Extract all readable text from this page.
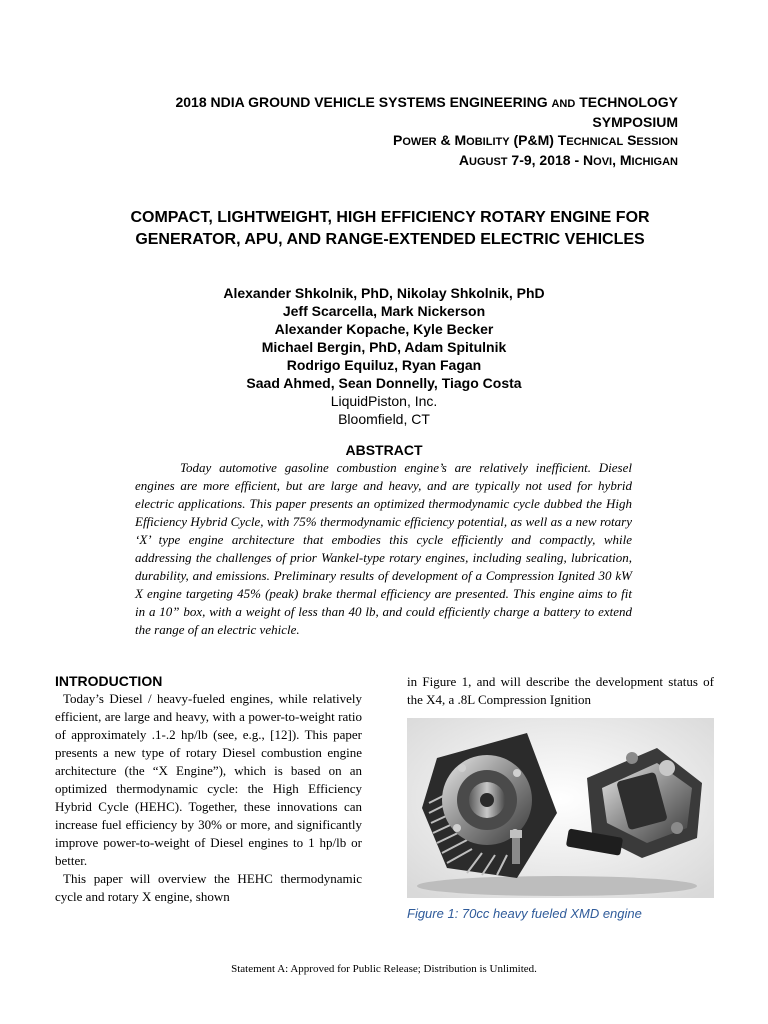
2018 NDIA GROUND VEHICLE SYSTEMS ENGINEERING AND TECHNOLOGY
SYMPOSIUM
POWER & MOBILITY (P&M) TECHNICAL SESSION
AUGUST 7-9, 2018 - NOVI, MICHIGAN
COMPACT, LIGHTWEIGHT, HIGH EFFICIENCY ROTARY ENGINE FOR
GENERATOR, APU, AND RANGE-EXTENDED ELECTRIC VEHICLES
Alexander Shkolnik, PhD, Nikolay Shkolnik, PhD
Jeff Scarcella, Mark Nickerson
Alexander Kopache, Kyle Becker
Michael Bergin, PhD, Adam Spitulnik
Rodrigo Equiluz, Ryan Fagan
Saad Ahmed, Sean Donnelly, Tiago Costa
LiquidPiston, Inc.
Bloomfield, CT
ABSTRACT
Today automotive gasoline combustion engine’s are relatively inefficient. Diesel engines are more efficient, but are large and heavy, and are typically not used for hybrid electric applications. This paper presents an optimized thermodynamic cycle dubbed the High Efficiency Hybrid Cycle, with 75% thermodynamic efficiency potential, as well as a new rotary ‘X’ type engine architecture that embodies this cycle efficiently and compactly, while addressing the challenges of prior Wankel-type rotary engines, including sealing, lubrication, durability, and emissions. Preliminary results of development of a Compression Ignited 30 kW X engine targeting 45% (peak) brake thermal efficiency are presented. This engine aims to fit in a 10” box, with a weight of less than 40 lb, and could efficiently charge a battery to extend the range of an electric vehicle.
INTRODUCTION

Today’s Diesel / heavy-fueled engines, while relatively efficient, are large and heavy, with a power-to-weight ratio of approximately .1-.2 hp/lb (see, e.g., [12]). This paper presents a new type of rotary Diesel combustion engine architecture (the “X Engine”), which is based on an optimized thermodynamic cycle: the High Efficiency Hybrid Cycle (HEHC). Together, these innovations can increase fuel efficiency by 30% or more, and significantly improve power-to-weight of Diesel engines to 1 hp/lb or better.

This paper will overview the HEHC thermodynamic cycle and rotary X engine, shown

in Figure 1, and will describe the development status of the X4, a .8L Compression Ignition

Figure 1: 70cc heavy fueled XMD engine
Statement A: Approved for Public Release; Distribution is Unlimited.
